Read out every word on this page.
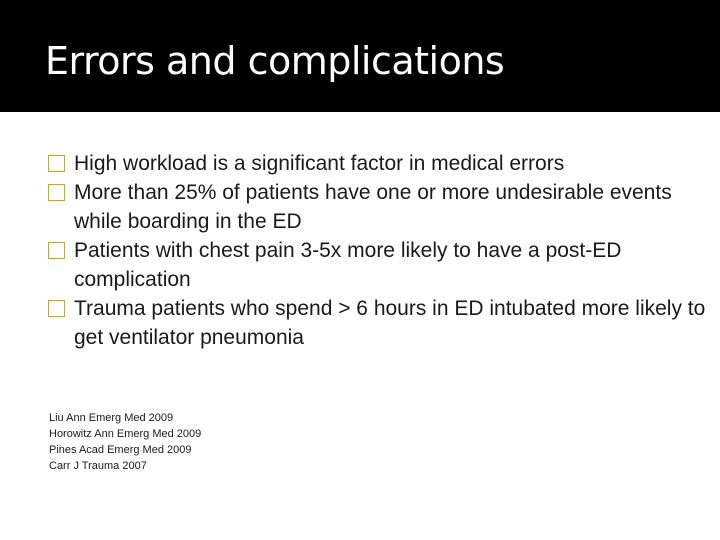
Errors and complications
High workload is a significant factor in medical errors
More than 25% of patients have one or more undesirable events while boarding in the ED
Patients with chest pain 3-5x more likely to have a post-ED complication
Trauma patients who spend > 6 hours in ED intubated more likely to get ventilator pneumonia
Liu Ann Emerg Med 2009
Horowitz Ann Emerg Med 2009
Pines Acad Emerg Med 2009
Carr J Trauma 2007
